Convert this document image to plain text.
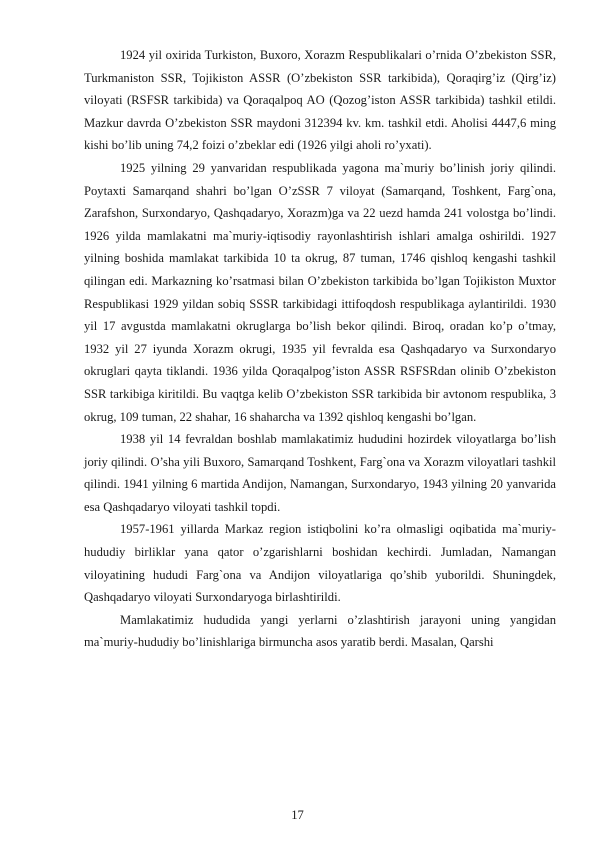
1924 yil oxirida Turkiston, Buxoro, Xorazm Respublikalari o’rnida O’zbekiston SSR, Turkmaniston SSR, Tojikiston ASSR (O’zbekiston SSR tarkibida), Qoraqirg’iz (Qirg’iz) viloyati (RSFSR tarkibida) va Qoraqalpoq AO (Qozog’iston ASSR tarkibida) tashkil etildi. Mazkur davrda O’zbekiston SSR maydoni 312394 kv. km. tashkil etdi. Aholisi 4447,6 ming kishi bo’lib uning 74,2 foizi o’zbeklar edi (1926 yilgi aholi ro’yxati).

1925 yilning 29 yanvaridan respublikada yagona ma`muriy bo’linish joriy qilindi. Poytaxti Samarqand shahri bo’lgan O’zSSR 7 viloyat (Samarqand, Toshkent, Farg`ona, Zarafshon, Surxondaryo, Qashqadaryo, Xorazm)ga va 22 uezd hamda 241 volostga bo’lindi. 1926 yilda mamlakatni ma`muriy-iqtisodiy rayonlashtirish ishlari amalga oshirildi. 1927 yilning boshida mamlakat tarkibida 10 ta okrug, 87 tuman, 1746 qishloq kengashi tashkil qilingan edi. Markazning ko’rsatmasi bilan O’zbekiston tarkibida bo’lgan Tojikiston Muxtor Respublikasi 1929 yildan sobiq SSSR tarkibidagi ittifoqdosh respublikaga aylantirildi. 1930 yil 17 avgustda mamlakatni okruglarga bo’lish bekor qilindi. Biroq, oradan ko’p o’tmay, 1932 yil 27 iyunda Xorazm okrugi, 1935 yil fevralda esa Qashqadaryo va Surxondaryo okruglari qayta tiklandi. 1936 yilda Qoraqalpog’iston ASSR RSFSRdan olinib O’zbekiston SSR tarkibiga kiritildi. Bu vaqtga kelib O’zbekiston SSR tarkibida bir avtonom respublika, 3 okrug, 109 tuman, 22 shahar, 16 shaharcha va 1392 qishloq kengashi bo’lgan.

1938 yil 14 fevraldan boshlab mamlakatimiz hududini hozirdek viloyatlarga bo’lish joriy qilindi. O’sha yili Buxoro, Samarqand Toshkent, Farg`ona va Xorazm viloyatlari tashkil qilindi. 1941 yilning 6 martida Andijon, Namangan, Surxondaryo, 1943 yilning 20 yanvarida esa Qashqadaryo viloyati tashkil topdi.

1957-1961 yillarda Markaz region istiqbolini ko’ra olmasligi oqibatida ma`muriy-hududiy birliklar yana qator o’zgarishlarni boshidan kechirdi. Jumladan, Namangan viloyatining hududi Farg`ona va Andijon viloyatlariga qo’shib yuborildi. Shuningdek, Qashqadaryo viloyati Surxondaryoga birlashtirildi.

Mamlakatimiz hududida yangi yerlarni o’zlashtirish jarayoni uning yangidan ma`muriy-hududiy bo’linishlariga birmuncha asos yaratib berdi. Masalan, Qarshi

17
